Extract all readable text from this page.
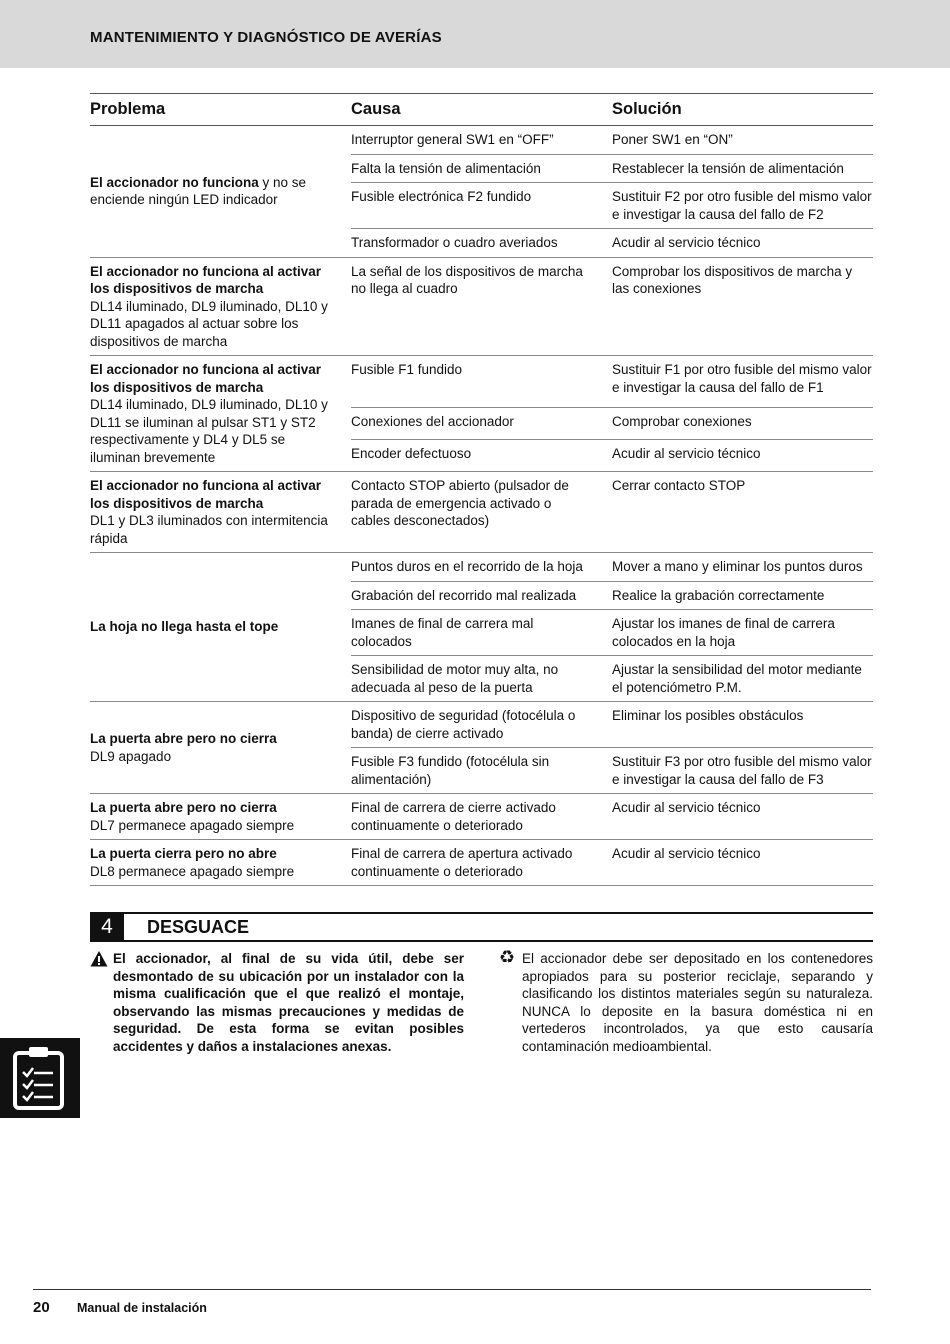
MANTENIMIENTO Y DIAGNÓSTICO DE AVERÍAS
Problema	Causa	Solución
El accionador no funciona y no se enciende ningún LED indicador	Interruptor general SW1 en “OFF”	Poner SW1 en “ON”
	Falta la tensión de alimentación	Restablecer la tensión de alimentación
	Fusible electrónica F2 fundido	Sustituir F2 por otro fusible del mismo valor e investigar la causa del fallo de F2
	Transformador o cuadro averiados	Acudir al servicio técnico
El accionador no funciona al activar los dispositivos de marcha
DL14 iluminado, DL9 iluminado, DL10 y DL11 apagados al actuar sobre los dispositivos de marcha	La señal de los dispositivos de marcha no llega al cuadro	Comprobar los dispositivos de marcha y las conexiones
El accionador no funciona al activar los dispositivos de marcha
DL14 iluminado, DL9 iluminado, DL10 y DL11 se iluminan al pulsar ST1 y ST2 respectivamente y DL4 y DL5 se iluminan brevemente	Fusible F1 fundido	Sustituir F1 por otro fusible del mismo valor e investigar la causa del fallo de F1
	Conexiones del accionador	Comprobar conexiones
	Encoder defectuoso	Acudir al servicio técnico
El accionador no funciona al activar los dispositivos de marcha
DL1 y DL3 iluminados con intermitencia rápida	Contacto STOP abierto (pulsador de parada de emergencia activado o cables desconectados)	Cerrar contacto STOP
La hoja no llega hasta el tope	Puntos duros en el recorrido de la hoja	Mover a mano y eliminar los puntos duros
	Grabación del recorrido mal realizada	Realice la grabación correctamente
	Imanes de final de carrera mal colocados	Ajustar los imanes de final de carrera colocados en la hoja
	Sensibilidad de motor muy alta, no adecuada al peso de la puerta	Ajustar la sensibilidad del motor mediante el potenciómetro P.M.
La puerta abre pero no cierra
DL9 apagado	Dispositivo de seguridad (fotocélula o banda) de cierre activado	Eliminar los posibles obstáculos
	Fusible F3 fundido (fotocélula sin alimentación)	Sustituir F3 por otro fusible del mismo valor e investigar la causa del fallo de F3
La puerta abre pero no cierra
DL7 permanece apagado siempre	Final de carrera de cierre activado continuamente o deteriorado	Acudir al servicio técnico
La puerta cierra pero no abre
DL8 permanece apagado siempre	Final de carrera de apertura activado continuamente o deteriorado	Acudir al servicio técnico
4	DESGUACE
El accionador, al final de su vida útil, debe ser desmontado de su ubicación por un instalador con la misma cualificación que el que realizó el montaje, observando las mismas precauciones y medidas de seguridad. De esta forma se evitan posibles accidentes y daños a instalaciones anexas.
♻ El accionador debe ser depositado en los contenedores apropiados para su posterior reciclaje, separando y clasificando los distintos materiales según su naturaleza. NUNCA lo deposite en la basura doméstica ni en vertederos incontrolados, ya que esto causaría contaminación medioambiental.
20 Manual de instalación
